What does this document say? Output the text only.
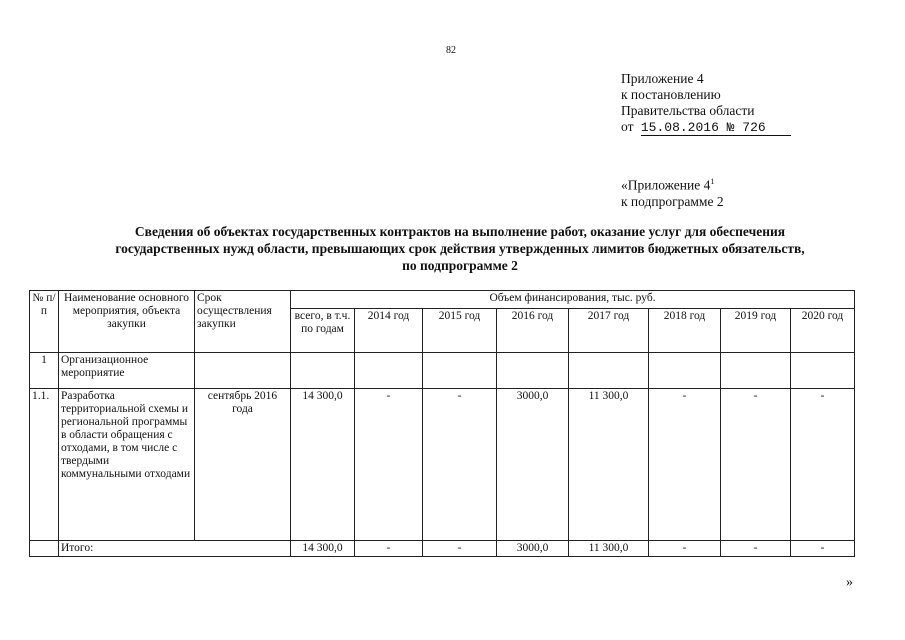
82
Приложение 4
к постановлению
Правительства области
от 15.08.2016 № 726
«Приложение $4^1$
к подпрограмме 2
Сведения об объектах государственных контрактов на выполнение работ, оказание услуг для обеспечения
государственных нужд области, превышающих срок действия утвержденных лимитов бюджетных обязательств,
по подпрограмме 2
№ п/п	Наименование основного мероприятия, объекта закупки	Срок осуществления закупки	Объем финансирования, тыс. руб.							
			всего, в т.ч. по годам	2014 год	2015 год	2016 год	2017 год	2018 год	2019 год	2020 год
1	Организационное мероприятие									
1.1.	Разработка территориальной схемы и региональной программы в области обращения с отходами, в том числе с твердыми коммунальными отходами	сентябрь 2016 года	14 300,0	-	-	3000,0	11 300,0	-	-	-
	Итого:		14 300,0	-	-	3000,0	11 300,0	-	-	-
»
